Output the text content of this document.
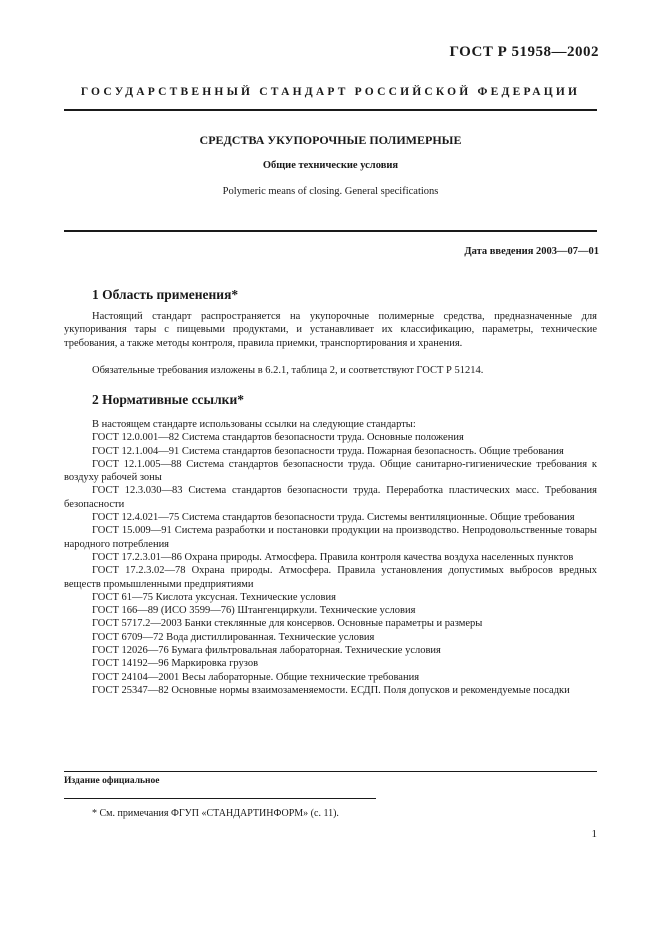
ГОСТ Р 51958—2002
ГОСУДАРСТВЕННЫЙ СТАНДАРТ РОССИЙСКОЙ ФЕДЕРАЦИИ
СРЕДСТВА УКУПОРОЧНЫЕ ПОЛИМЕРНЫЕ
Общие технические условия
Polymeric means of closing. General specifications
Дата введения 2003—07—01
1 Область применения*
Настоящий стандарт распространяется на укупорочные полимерные средства, предназначенные для укупоривания тары с пищевыми продуктами, и устанавливает их классификацию, параметры, технические требования, а также методы контроля, правила приемки, транспортирования и хранения.
Обязательные требования изложены в 6.2.1, таблица 2, и соответствуют ГОСТ Р 51214.
2 Нормативные ссылки*
В настоящем стандарте использованы ссылки на следующие стандарты:
ГОСТ 12.0.001—82 Система стандартов безопасности труда. Основные положения
ГОСТ 12.1.004—91 Система стандартов безопасности труда. Пожарная безопасность. Общие требования
ГОСТ 12.1.005—88 Система стандартов безопасности труда. Общие санитарно-гигиенические требования к воздуху рабочей зоны
ГОСТ 12.3.030—83 Система стандартов безопасности труда. Переработка пластических масс. Требования безопасности
ГОСТ 12.4.021—75 Система стандартов безопасности труда. Системы вентиляционные. Общие требования
ГОСТ 15.009—91 Система разработки и постановки продукции на производство. Непродовольственные товары народного потребления
ГОСТ 17.2.3.01—86 Охрана природы. Атмосфера. Правила контроля качества воздуха населенных пунктов
ГОСТ 17.2.3.02—78 Охрана природы. Атмосфера. Правила установления допустимых выбросов вредных веществ промышленными предприятиями
ГОСТ 61—75 Кислота уксусная. Технические условия
ГОСТ 166—89 (ИСО 3599—76) Штангенциркули. Технические условия
ГОСТ 5717.2—2003 Банки стеклянные для консервов. Основные параметры и размеры
ГОСТ 6709—72 Вода дистиллированная. Технические условия
ГОСТ 12026—76 Бумага фильтровальная лабораторная. Технические условия
ГОСТ 14192—96 Маркировка грузов
ГОСТ 24104—2001 Весы лабораторные. Общие технические требования
ГОСТ 25347—82 Основные нормы взаимозаменяемости. ЕСДП. Поля допусков и рекомендуемые посадки
Издание официальное
* См. примечания ФГУП «СТАНДАРТИНФОРМ» (с. 11).
1
